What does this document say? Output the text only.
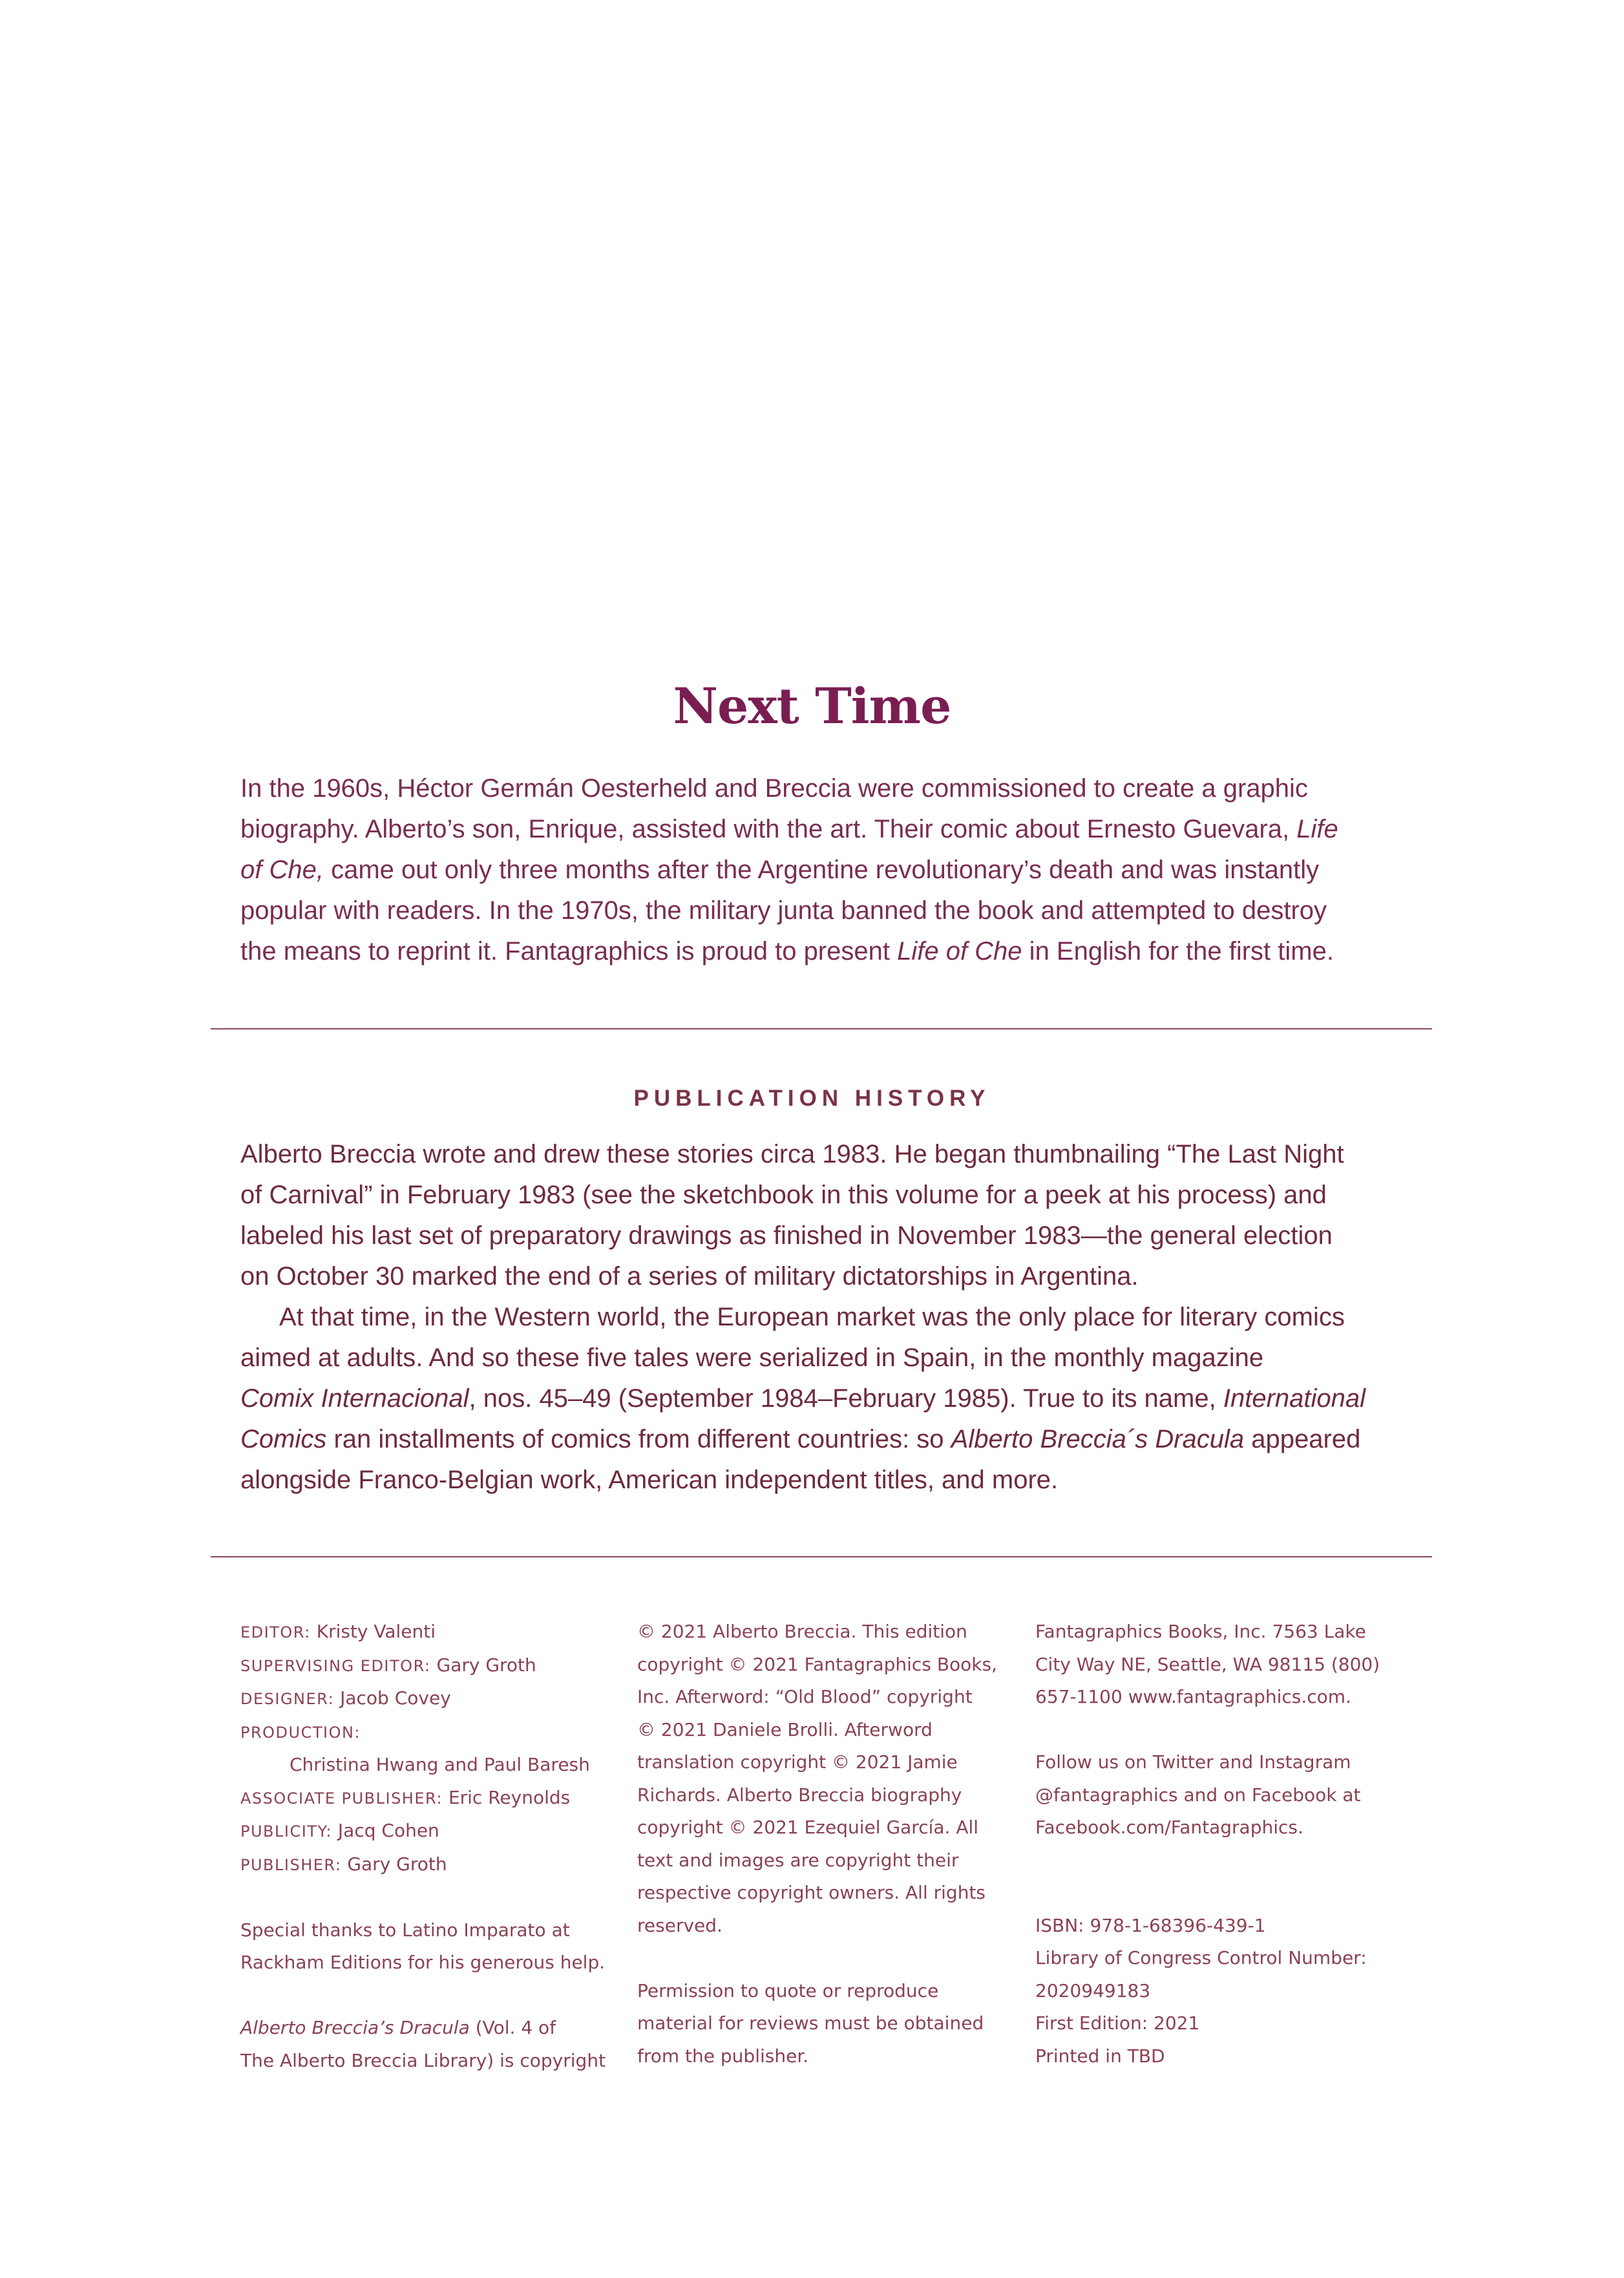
Next Time

In the 1960s, Héctor Germán Oesterheld and Breccia were commissioned to create a graphic
biography. Alberto’s son, Enrique, assisted with the art. Their comic about Ernesto Guevara, Life
of Che, came out only three months after the Argentine revolutionary’s death and was instantly
popular with readers. In the 1970s, the military junta banned the book and attempted to destroy
the means to reprint it. Fantagraphics is proud to present Life of Che in English for the first time.

PUBLICATION HISTORY

Alberto Breccia wrote and drew these stories circa 1983. He began thumbnailing “The Last Night
of Carnival” in February 1983 (see the sketchbook in this volume for a peek at his process) and
labeled his last set of preparatory drawings as finished in November 1983—the general election
on October 30 marked the end of a series of military dictatorships in Argentina.

At that time, in the Western world, the European market was the only place for literary comics
aimed at adults. And so these five tales were serialized in Spain, in the monthly magazine
Comix Internacional, nos. 45–49 (September 1984–February 1985). True to its name, International
Comics ran installments of comics from different countries: so Alberto Breccia´s Dracula appeared
alongside Franco-Belgian work, American independent titles, and more.

EDITOR: Kristy Valenti
SUPERVISING EDITOR: Gary Groth
DESIGNER: Jacob Covey
PRODUCTION:
Christina Hwang and Paul Baresh
ASSOCIATE PUBLISHER: Eric Reynolds
PUBLICITY: Jacq Cohen
PUBLISHER: Gary Groth
Special thanks to Latino Imparato at
Rackham Editions for his generous help.
Alberto Breccia’s Dracula (Vol. 4 of
The Alberto Breccia Library) is copyright
© 2021 Alberto Breccia. This edition
copyright © 2021 Fantagraphics Books,
Inc. Afterword: “Old Blood” copyright
© 2021 Daniele Brolli. Afterword
translation copyright © 2021 Jamie
Richards. Alberto Breccia biography
copyright © 2021 Ezequiel García. All
text and images are copyright their
respective copyright owners. All rights
reserved.
Permission to quote or reproduce
material for reviews must be obtained
from the publisher.
Fantagraphics Books, Inc. 7563 Lake
City Way NE, Seattle, WA 98115 (800)
657-1100 www.fantagraphics.com.
Follow us on Twitter and Instagram
@fantagraphics and on Facebook at
Facebook.com/Fantagraphics.
ISBN: 978-1-68396-439-1
Library of Congress Control Number:
2020949183
First Edition: 2021
Printed in TBD
